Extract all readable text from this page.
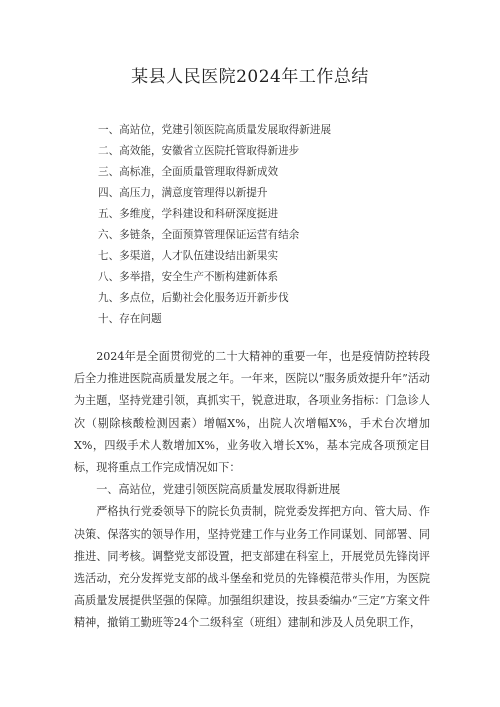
某县人民医院2024年工作总结
一、高站位，党建引领医院高质量发展取得新进展
二、高效能，安徽省立医院托管取得新进步
三、高标准，全面质量管理取得新成效
四、高压力，满意度管理得以新提升
五、多维度，学科建设和科研深度挺进
六、多链条，全面预算管理保证运营有结余
七、多渠道，人才队伍建设结出新果实
八、多举措，安全生产不断构建新体系
九、多点位，后勤社会化服务迈开新步伐
十、存在问题

2024年是全面贯彻党的二十大精神的重要一年，也是疫情防控转段后全力推进医院高质量发展之年。一年来，医院以“服务质效提升年”活动为主题，坚持党建引领，真抓实干，锐意进取，各项业务指标：门急诊人次（剔除核酸检测因素）增幅X%，出院人次增幅X%，手术台次增加X%，四级手术人数增加X%，业务收入增长X%，基本完成各项预定目标，现将重点工作完成情况如下：

一、高站位，党建引领医院高质量发展取得新进展

严格执行党委领导下的院长负责制，院党委发挥把方向、管大局、作决策、保落实的领导作用，坚持党建工作与业务工作同谋划、同部署、同推进、同考核。调整党支部设置，把支部建在科室上，开展党员先锋岗评选活动，充分发挥党支部的战斗堡垒和党员的先锋模范带头作用，为医院高质量发展提供坚强的保障。加强组织建设，按县委编办“三定”方案文件精神，撤销工勤班等24个二级科室（班组）建制和涉及人员免职工作，
